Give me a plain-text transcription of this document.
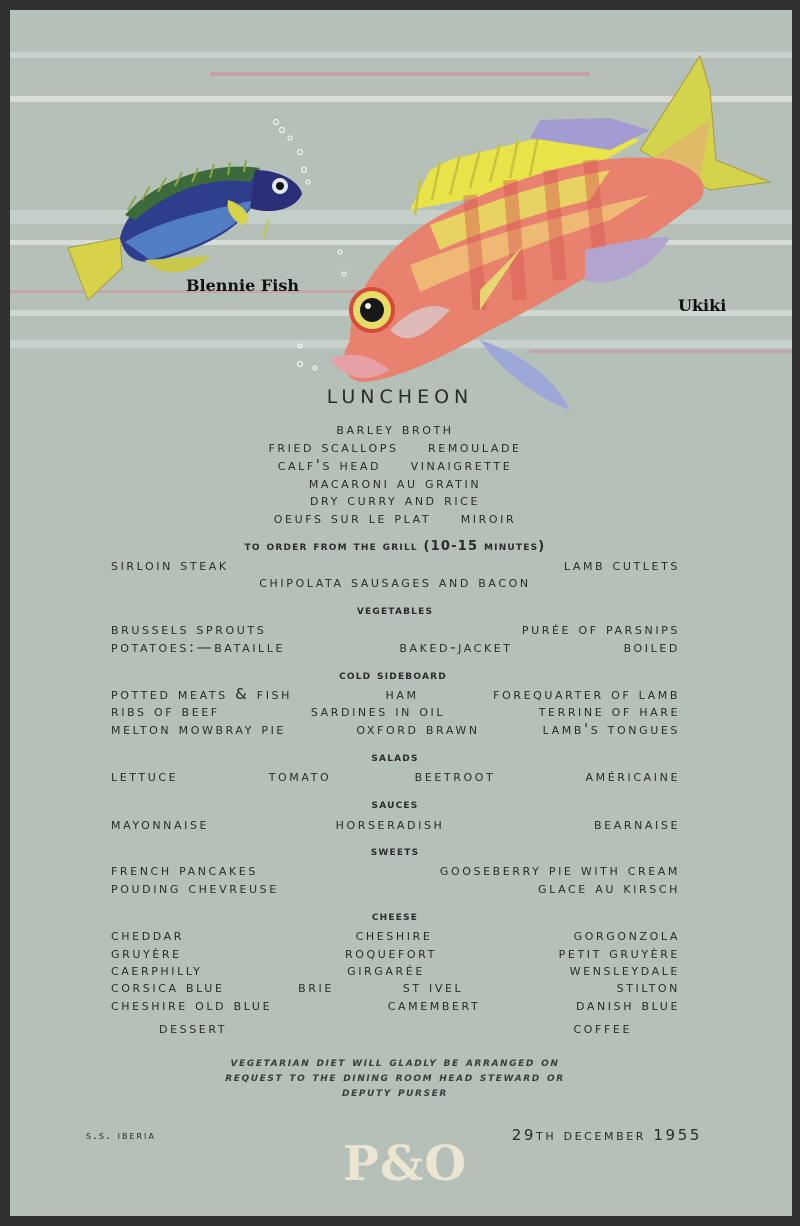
Blennie Fish
Ukiki
LUNCHEON
barley broth
fried scallops    remoulade
calf's head    vinaigrette
macaroni au gratin
dry curry and rice
oeufs sur le plat    miroir
to order from the grill (10-15 minutes)
sirloin steak	lamb cutlets
chipolata sausages and bacon
vegetables
brussels sprouts	purée of parsnips
potatoes:—bataille	baked-jacket	boiled
cold sideboard
potted meats & fish	ham	forequarter of lamb
ribs of beef	sardines in oil	terrine of hare
melton mowbray pie	oxford brawn	lamb's tongues
salads
lettuce	tomato	beetroot	américaine
sauces
mayonnaise	horseradish	bearnaise
sweets
french pancakes	gooseberry pie with cream
pouding chevreuse	glace au kirsch
cheese
cheddar	cheshire	gorgonzola
gruyère	roquefort	petit gruyère
caerphilly	girgarée	wensleydale
corsica blue	brie	st ivel	stilton
cheshire old blue	camembert	danish blue
dessert	coffee
vegetarian diet will gladly be arranged on
request to the dining room head steward or
deputy purser
s.s. iberia	29th december 1955
P&O
